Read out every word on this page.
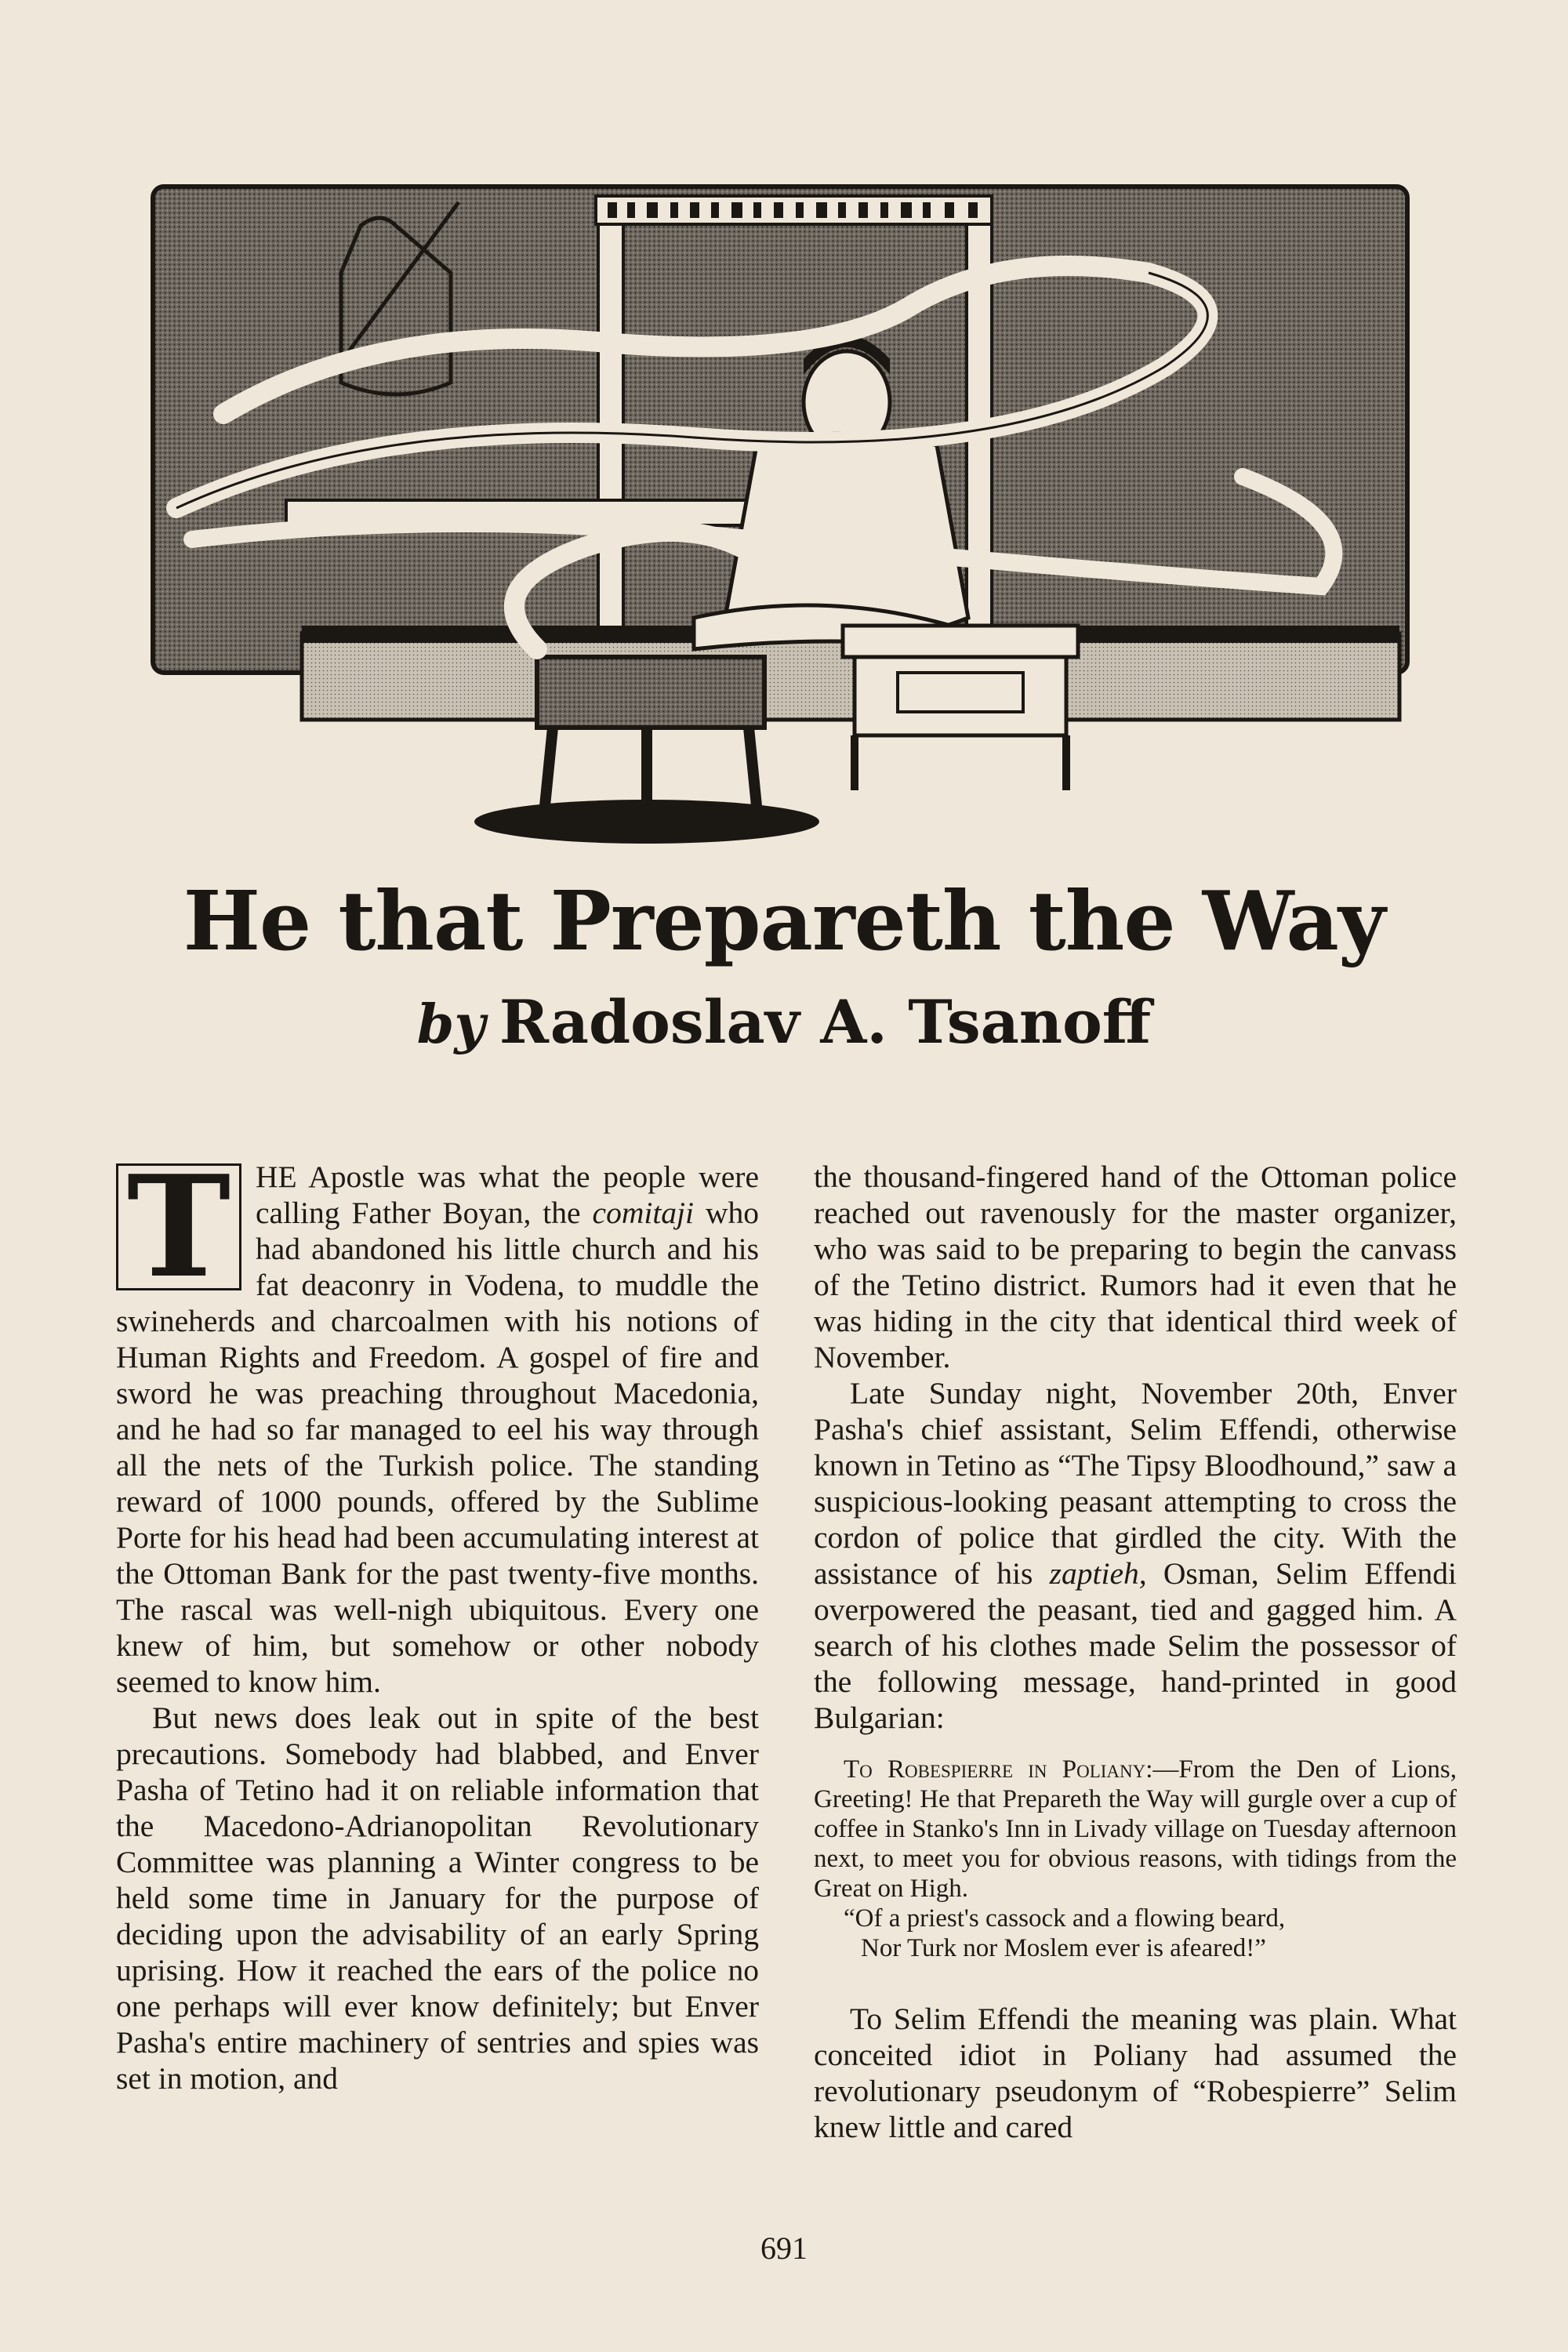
He that Prepareth the Way
by Radoslav A. Tsanoff

T HE Apostle was what the people were calling Father Boyan, the comitaji who had abandoned his little church and his fat deaconry in Vodena, to muddle the swineherds and charcoalmen with his notions of Human Rights and Freedom. A gospel of fire and sword he was preaching throughout Macedonia, and he had so far managed to eel his way through all the nets of the Turkish police. The standing reward of 1000 pounds, offered by the Sublime Porte for his head had been accumulating interest at the Ottoman Bank for the past twenty-five months. The rascal was well-nigh ubiquitous. Every one knew of him, but somehow or other nobody seemed to know him.

But news does leak out in spite of the best precautions. Somebody had blabbed, and Enver Pasha of Tetino had it on reliable information that the Macedono-Adrianopolitan Revolutionary Committee was planning a Winter congress to be held some time in January for the purpose of deciding upon the advisability of an early Spring uprising. How it reached the ears of the police no one perhaps will ever know definitely; but Enver Pasha's entire machinery of sentries and spies was set in motion, and

the thousand-fingered hand of the Ottoman police reached out ravenously for the master organizer, who was said to be preparing to begin the canvass of the Tetino district. Rumors had it even that he was hiding in the city that identical third week of November.

Late Sunday night, November 20th, Enver Pasha's chief assistant, Selim Effendi, otherwise known in Tetino as “The Tipsy Bloodhound,” saw a suspicious-looking peasant attempting to cross the cordon of police that girdled the city. With the assistance of his zaptieh, Osman, Selim Effendi overpowered the peasant, tied and gagged him. A search of his clothes made Selim the possessor of the following message, hand-printed in good Bulgarian:

To Robespierre in Poliany:—From the Den of Lions, Greeting! He that Prepareth the Way will gurgle over a cup of coffee in Stanko's Inn in Livady village on Tuesday afternoon next, to meet you for obvious reasons, with tidings from the Great on High.

“Of a priest's cassock and a flowing beard,

Nor Turk nor Moslem ever is afeared!”

To Selim Effendi the meaning was plain. What conceited idiot in Poliany had assumed the revolutionary pseudonym of “Robespierre” Selim knew little and cared

691
